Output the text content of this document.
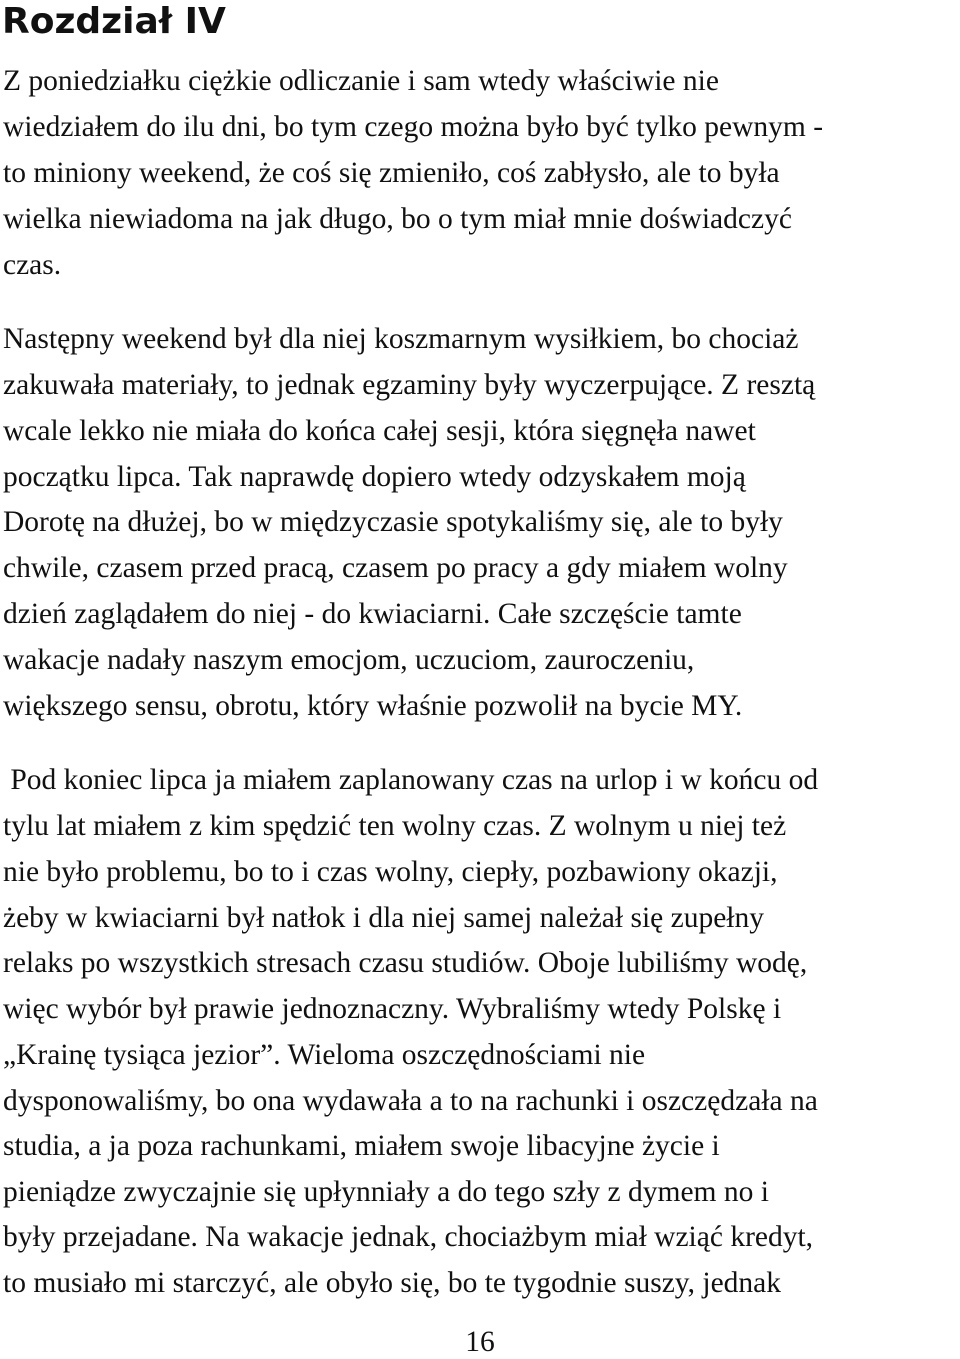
Rozdział IV

Z poniedziałku ciężkie odliczanie i sam wtedy właściwie nie

wiedziałem do ilu dni, bo tym czego można było być tylko pewnym -

to miniony weekend, że coś się zmieniło, coś zabłysło, ale to była

wielka niewiadoma na jak długo, bo o tym miał mnie doświadczyć

czas.

Następny weekend był dla niej koszmarnym wysiłkiem, bo chociaż

zakuwała materiały, to jednak egzaminy były wyczerpujące. Z resztą

wcale lekko nie miała do końca całej sesji, która sięgnęła nawet

początku lipca. Tak naprawdę dopiero wtedy odzyskałem moją

Dorotę na dłużej, bo w międzyczasie spotykaliśmy się, ale to były

chwile, czasem przed pracą, czasem po pracy a gdy miałem wolny

dzień zaglądałem do niej - do kwiaciarni. Całe szczęście tamte

wakacje nadały naszym emocjom, uczuciom, zauroczeniu,

większego sensu, obrotu, który właśnie pozwolił na bycie MY.

Pod koniec lipca ja miałem zaplanowany czas na urlop i w końcu od

tylu lat miałem z kim spędzić ten wolny czas. Z wolnym u niej też

nie było problemu, bo to i czas wolny, ciepły, pozbawiony okazji,

żeby w kwiaciarni był natłok i dla niej samej należał się zupełny

relaks po wszystkich stresach czasu studiów. Oboje lubiliśmy wodę,

więc wybór był prawie jednoznaczny. Wybraliśmy wtedy Polskę i

„Krainę tysiąca jezior”. Wieloma oszczędnościami nie

dysponowaliśmy, bo ona wydawała a to na rachunki i oszczędzała na

studia, a ja poza rachunkami, miałem swoje libacyjne życie i

pieniądze zwyczajnie się upłynniały a do tego szły z dymem no i

były przejadane. Na wakacje jednak, chociażbym miał wziąć kredyt,

to musiało mi starczyć, ale obyło się, bo te tygodnie suszy, jednak

16
